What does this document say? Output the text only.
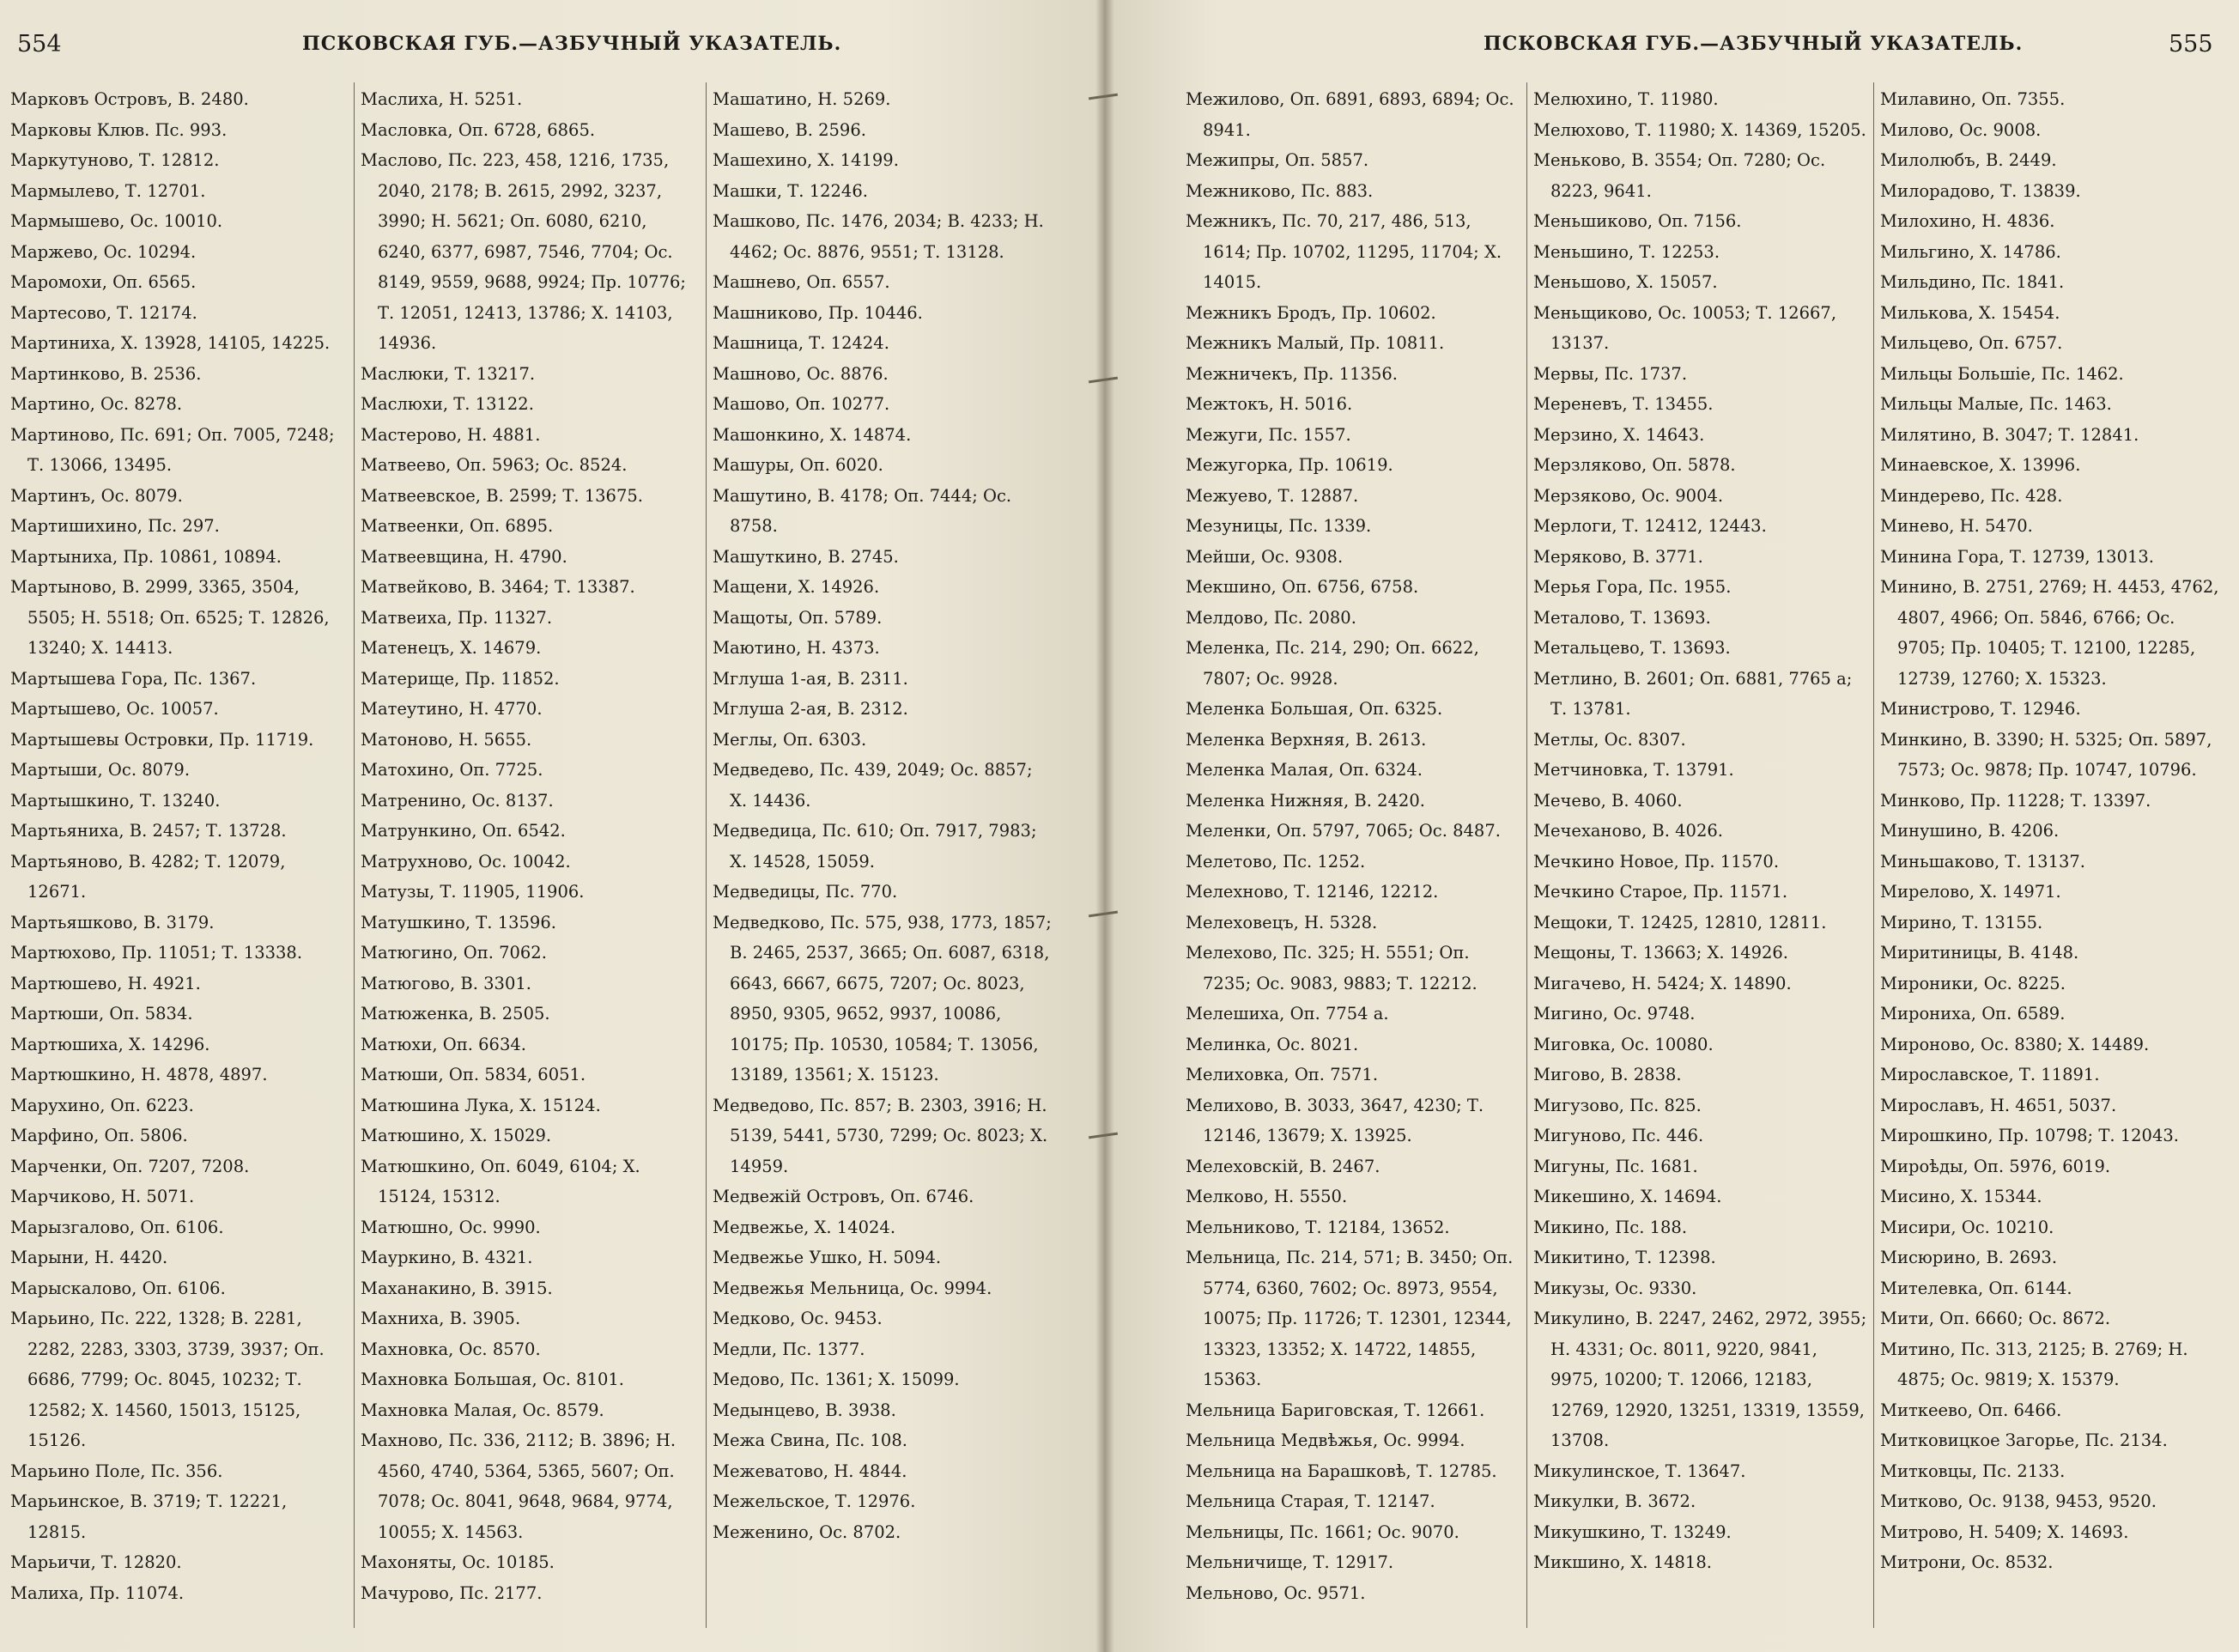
554	ПСКОВСКАЯ ГУБ.—АЗБУЧНЫЙ УКАЗАТЕЛЬ.

Марковъ Островъ, В. 2480.

Марковы Клюв. Пс. 993.

Маркутуново, Т. 12812.

Мармылево, Т. 12701.

Мармышево, Ос. 10010.

Маржево, Ос. 10294.

Маромохи, Оп. 6565.

Мартесово, Т. 12174.

Мартиниха, Х. 13928, 14105, 14225.

Мартинково, В. 2536.

Мартино, Ос. 8278.

Мартиново, Пс. 691; Оп. 7005, 7248; Т. 13066, 13495.

Мартинъ, Ос. 8079.

Мартишихино, Пс. 297.

Мартыниха, Пр. 10861, 10894.

Мартыново, В. 2999, 3365, 3504, 5505; Н. 5518; Оп. 6525; Т. 12826, 13240; Х. 14413.

Мартышева Гора, Пс. 1367.

Мартышево, Ос. 10057.

Мартышевы Островки, Пр. 11719.

Мартыши, Ос. 8079.

Мартышкино, Т. 13240.

Мартьяниха, В. 2457; Т. 13728.

Мартьяново, В. 4282; Т. 12079, 12671.

Мартьяшково, В. 3179.

Мартюхово, Пр. 11051; Т. 13338.

Мартюшево, Н. 4921.

Мартюши, Оп. 5834.

Мартюшиха, Х. 14296.

Мартюшкино, Н. 4878, 4897.

Марухино, Оп. 6223.

Марфино, Оп. 5806.

Марченки, Оп. 7207, 7208.

Марчиково, Н. 5071.

Марызгалово, Оп. 6106.

Марыни, Н. 4420.

Марыскалово, Оп. 6106.

Марьино, Пс. 222, 1328; В. 2281, 2282, 2283, 3303, 3739, 3937; Оп. 6686, 7799; Ос. 8045, 10232; Т. 12582; Х. 14560, 15013, 15125, 15126.

Марьино Поле, Пс. 356.

Марьинское, В. 3719; Т. 12221, 12815.

Марьичи, Т. 12820.

Малиха, Пр. 11074.

Маслиха, Н. 5251.

Масловка, Оп. 6728, 6865.

Маслово, Пс. 223, 458, 1216, 1735, 2040, 2178; В. 2615, 2992, 3237, 3990; Н. 5621; Оп. 6080, 6210, 6240, 6377, 6987, 7546, 7704; Ос. 8149, 9559, 9688, 9924; Пр. 10776; Т. 12051, 12413, 13786; Х. 14103, 14936.

Маслюки, Т. 13217.

Маслюхи, Т. 13122.

Мастерово, Н. 4881.

Матвеево, Оп. 5963; Ос. 8524.

Матвеевское, В. 2599; Т. 13675.

Матвеенки, Оп. 6895.

Матвеевщина, Н. 4790.

Матвейково, В. 3464; Т. 13387.

Матвеиха, Пр. 11327.

Матенецъ, Х. 14679.

Материще, Пр. 11852.

Матеутино, Н. 4770.

Матоново, Н. 5655.

Матохино, Оп. 7725.

Матренино, Ос. 8137.

Матрункино, Оп. 6542.

Матрухново, Ос. 10042.

Матузы, Т. 11905, 11906.

Матушкино, Т. 13596.

Матюгино, Оп. 7062.

Матюгово, В. 3301.

Матюженка, В. 2505.

Матюхи, Оп. 6634.

Матюши, Оп. 5834, 6051.

Матюшина Лука, Х. 15124.

Матюшино, Х. 15029.

Матюшкино, Оп. 6049, 6104; Х. 15124, 15312.

Матюшно, Ос. 9990.

Мауркино, В. 4321.

Маханакино, В. 3915.

Махниха, В. 3905.

Махновка, Ос. 8570.

Махновка Большая, Ос. 8101.

Махновка Малая, Ос. 8579.

Махново, Пс. 336, 2112; В. 3896; Н. 4560, 4740, 5364, 5365, 5607; Оп. 7078; Ос. 8041, 9648, 9684, 9774, 10055; Х. 14563.

Махоняты, Ос. 10185.

Мачурово, Пс. 2177.

Машатино, Н. 5269.

Машево, В. 2596.

Машехино, Х. 14199.

Машки, Т. 12246.

Машково, Пс. 1476, 2034; В. 4233; Н. 4462; Ос. 8876, 9551; Т. 13128.

Машнево, Оп. 6557.

Машниково, Пр. 10446.

Машница, Т. 12424.

Машново, Ос. 8876.

Машово, Оп. 10277.

Машонкино, Х. 14874.

Машуры, Оп. 6020.

Машутино, В. 4178; Оп. 7444; Ос. 8758.

Машуткино, В. 2745.

Мащени, Х. 14926.

Мащоты, Оп. 5789.

Маютино, Н. 4373.

Мглуша 1-ая, В. 2311.

Мглуша 2-ая, В. 2312.

Меглы, Оп. 6303.

Медведево, Пс. 439, 2049; Ос. 8857; Х. 14436.

Медведица, Пс. 610; Оп. 7917, 7983; Х. 14528, 15059.

Медведицы, Пс. 770.

Медведково, Пс. 575, 938, 1773, 1857; В. 2465, 2537, 3665; Оп. 6087, 6318, 6643, 6667, 6675, 7207; Ос. 8023, 8950, 9305, 9652, 9937, 10086, 10175; Пр. 10530, 10584; Т. 13056, 13189, 13561; Х. 15123.

Медведово, Пс. 857; В. 2303, 3916; Н. 5139, 5441, 5730, 7299; Ос. 8023; Х. 14959.

Медвежій Островъ, Оп. 6746.

Медвежье, Х. 14024.

Медвежье Ушко, Н. 5094.

Медвежья Мельница, Ос. 9994.

Медково, Ос. 9453.

Медли, Пс. 1377.

Медово, Пс. 1361; Х. 15099.

Медынцево, В. 3938.

Межа Свина, Пс. 108.

Межеватово, Н. 4844.

Межельское, Т. 12976.

Меженино, Ос. 8702.

ПСКОВСКАЯ ГУБ.—АЗБУЧНЫЙ УКАЗАТЕЛЬ.	555

Межилово, Оп. 6891, 6893, 6894; Ос. 8941.

Межипры, Оп. 5857.

Межниково, Пс. 883.

Межникъ, Пс. 70, 217, 486, 513, 1614; Пр. 10702, 11295, 11704; Х. 14015.

Межникъ Бродъ, Пр. 10602.

Межникъ Малый, Пр. 10811.

Межничекъ, Пр. 11356.

Межтокъ, Н. 5016.

Межуги, Пс. 1557.

Межугорка, Пр. 10619.

Межуево, Т. 12887.

Мезуницы, Пс. 1339.

Мейши, Ос. 9308.

Мекшино, Оп. 6756, 6758.

Мелдово, Пс. 2080.

Меленка, Пс. 214, 290; Оп. 6622, 7807; Ос. 9928.

Меленка Большая, Оп. 6325.

Меленка Верхняя, В. 2613.

Меленка Малая, Оп. 6324.

Меленка Нижняя, В. 2420.

Меленки, Оп. 5797, 7065; Ос. 8487.

Мелетово, Пс. 1252.

Мелехново, Т. 12146, 12212.

Мелеховецъ, Н. 5328.

Мелехово, Пс. 325; Н. 5551; Оп. 7235; Ос. 9083, 9883; Т. 12212.

Мелешиха, Оп. 7754 а.

Мелинка, Ос. 8021.

Мелиховка, Оп. 7571.

Мелихово, В. 3033, 3647, 4230; Т. 12146, 13679; Х. 13925.

Мелеховскій, В. 2467.

Мелково, Н. 5550.

Мельниково, Т. 12184, 13652.

Мельница, Пс. 214, 571; В. 3450; Оп. 5774, 6360, 7602; Ос. 8973, 9554, 10075; Пр. 11726; Т. 12301, 12344, 13323, 13352; Х. 14722, 14855, 15363.

Мельница Бариговская, Т. 12661.

Мельница Медвѣжья, Ос. 9994.

Мельница на Барашковѣ, Т. 12785.

Мельница Старая, Т. 12147.

Мельницы, Пс. 1661; Ос. 9070.

Мельничище, Т. 12917.

Мельново, Ос. 9571.

Мелюхино, Т. 11980.

Мелюхово, Т. 11980; Х. 14369, 15205.

Меньково, В. 3554; Оп. 7280; Ос. 8223, 9641.

Меньшиково, Оп. 7156.

Меньшино, Т. 12253.

Меньшово, Х. 15057.

Меньщиково, Ос. 10053; Т. 12667, 13137.

Мервы, Пс. 1737.

Мереневъ, Т. 13455.

Мерзино, Х. 14643.

Мерзляково, Оп. 5878.

Мерзяково, Ос. 9004.

Мерлоги, Т. 12412, 12443.

Меряково, В. 3771.

Мерья Гора, Пс. 1955.

Металово, Т. 13693.

Метальцево, Т. 13693.

Метлино, В. 2601; Оп. 6881, 7765 а; Т. 13781.

Метлы, Ос. 8307.

Метчиновка, Т. 13791.

Мечево, В. 4060.

Мечеханово, В. 4026.

Мечкино Новое, Пр. 11570.

Мечкино Старое, Пр. 11571.

Мещоки, Т. 12425, 12810, 12811.

Мещоны, Т. 13663; Х. 14926.

Мигачево, Н. 5424; Х. 14890.

Мигино, Ос. 9748.

Миговка, Ос. 10080.

Мигово, В. 2838.

Мигузово, Пс. 825.

Мигуново, Пс. 446.

Мигуны, Пс. 1681.

Микешино, Х. 14694.

Микино, Пс. 188.

Микитино, Т. 12398.

Микузы, Ос. 9330.

Микулино, В. 2247, 2462, 2972, 3955; Н. 4331; Ос. 8011, 9220, 9841, 9975, 10200; Т. 12066, 12183, 12769, 12920, 13251, 13319, 13559, 13708.

Микулинское, Т. 13647.

Микулки, В. 3672.

Микушкино, Т. 13249.

Микшино, Х. 14818.

Милавино, Оп. 7355.

Милово, Ос. 9008.

Милолюбъ, В. 2449.

Милорадово, Т. 13839.

Милохино, Н. 4836.

Мильгино, Х. 14786.

Мильдино, Пс. 1841.

Милькова, Х. 15454.

Мильцево, Оп. 6757.

Мильцы Большіе, Пс. 1462.

Мильцы Малые, Пс. 1463.

Милятино, В. 3047; Т. 12841.

Минаевское, Х. 13996.

Миндерево, Пс. 428.

Минево, Н. 5470.

Минина Гора, Т. 12739, 13013.

Минино, В. 2751, 2769; Н. 4453, 4762, 4807, 4966; Оп. 5846, 6766; Ос. 9705; Пр. 10405; Т. 12100, 12285, 12739, 12760; Х. 15323.

Министрово, Т. 12946.

Минкино, В. 3390; Н. 5325; Оп. 5897, 7573; Ос. 9878; Пр. 10747, 10796.

Минково, Пр. 11228; Т. 13397.

Минушино, В. 4206.

Миньшаково, Т. 13137.

Мирелово, Х. 14971.

Мирино, Т. 13155.

Миритиницы, В. 4148.

Мироники, Ос. 8225.

Мирониха, Оп. 6589.

Мироново, Ос. 8380; Х. 14489.

Мирославское, Т. 11891.

Мирославъ, Н. 4651, 5037.

Мирошкино, Пр. 10798; Т. 12043.

Мироѣды, Оп. 5976, 6019.

Мисино, Х. 15344.

Мисири, Ос. 10210.

Мисюрино, В. 2693.

Мителевка, Оп. 6144.

Мити, Оп. 6660; Ос. 8672.

Митино, Пс. 313, 2125; В. 2769; Н. 4875; Ос. 9819; Х. 15379.

Миткеево, Оп. 6466.

Митковицкое Загорье, Пс. 2134.

Митковцы, Пс. 2133.

Митково, Ос. 9138, 9453, 9520.

Митрово, Н. 5409; Х. 14693.

Митрони, Ос. 8532.
